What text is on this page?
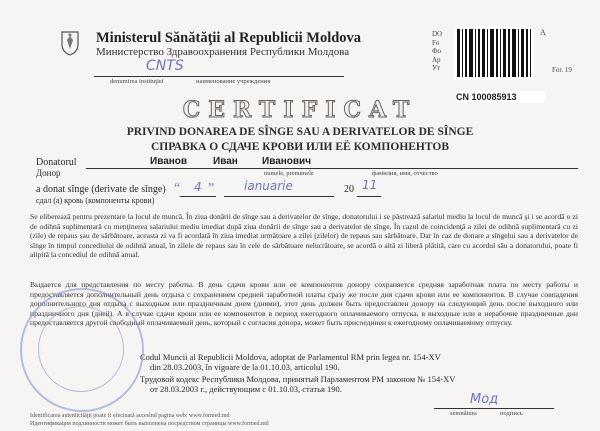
Ministerul Sănătăţii al Republicii Moldova
Министерство Здравоохранения Республики Молдова
CNTS
denumirea instituţiei	наименование учреждения
DO
Fo
Фо
Ap
Ут
А
For. 19
CN 100085913
CERTIFICAT
PRIVIND DONAREA DE SÎNGE SAU A DERIVATELOR DE SÎNGE
СПРАВКА О СДАЧЕ КРОВИ ИЛИ ЕЁ КОМПОНЕНТОВ
Donatorul
Донор
Иванов	Иван Иванович
numele, prenumele	фамилия, имя, отчество
a donat sînge (derivate de sînge)
сдал (а) кровь (компоненты крови)
“ 4 ” ianuarie	20 11
Se eliberează pentru prezentare la locul de muncă. În ziua donării de sînge sau a derivatelor de sînge, donatorului i se păstrează salariul mediu la locul de muncă şi i se acordă o zi de odihnă suplimentară cu menţinerea salariului mediu imediat după ziua donării de sînge sau a derivatelor de sînge. În cazul de coincidenţă a zilei de odihnă suplimentară cu zi (zile) de repaus sau de sărbătoare, aceasta zi va fi acordată în ziua imediat următoare a zilei (zilelor) de repaus sau sărbătoare. Dar în caz de donare a sîngelui sau a derivatelor de sînge în timpul concediului de odihnă anual, în zilele de repaus sau în cele de sărbătoare nelucrătoare, se acordă o altă zi liberă plătită, care cu acordul său a donatorului, poate fi alipită la concediul de odihnă anual.
Выдается для представления по месту работы. В день сдачи крови или ее компонентов донору сохраняется средняя заработная плата по месту работы и предоставляется дополнительный день отдыха с сохранением средней заработной платы сразу же после дня сдачи крови или ее компонентов. В случае совпадения дополнительного дня отдыха с выходным или праздничным днем (днями), этот день должен быть предоставлен донору на следующий день после выходного или праздничного дня (дней). А в случае сдачи крови или ее компонентов в период ежегодного оплачиваемого отпуска, в выходные или в нерабочие праздничные дни предоставляется другой свободный оплачиваемый день, который с согласия донора, может быть присоединен к ежегодному оплачиваемому отпуску.
Codul Muncii al Republicii Moldova, adoptat de Parlamentul RM prin legea nr. 154-XV
din 28.03.2003, în vigoare de la 01.10.03, articolul 190.
Трудовой кодекс Республики Молдова, принятый Парламентом РМ законом № 154-XV
от 28.03.2003 г., действующим с 01.10.03, статья 190.
Мод
semnătura	подпись
Identificarea autenticităţii poate fi efectuată accesînd pagina web: www.formed.md
Идентификация подлинности может быть выполнена посредством страницы www.formed.md
